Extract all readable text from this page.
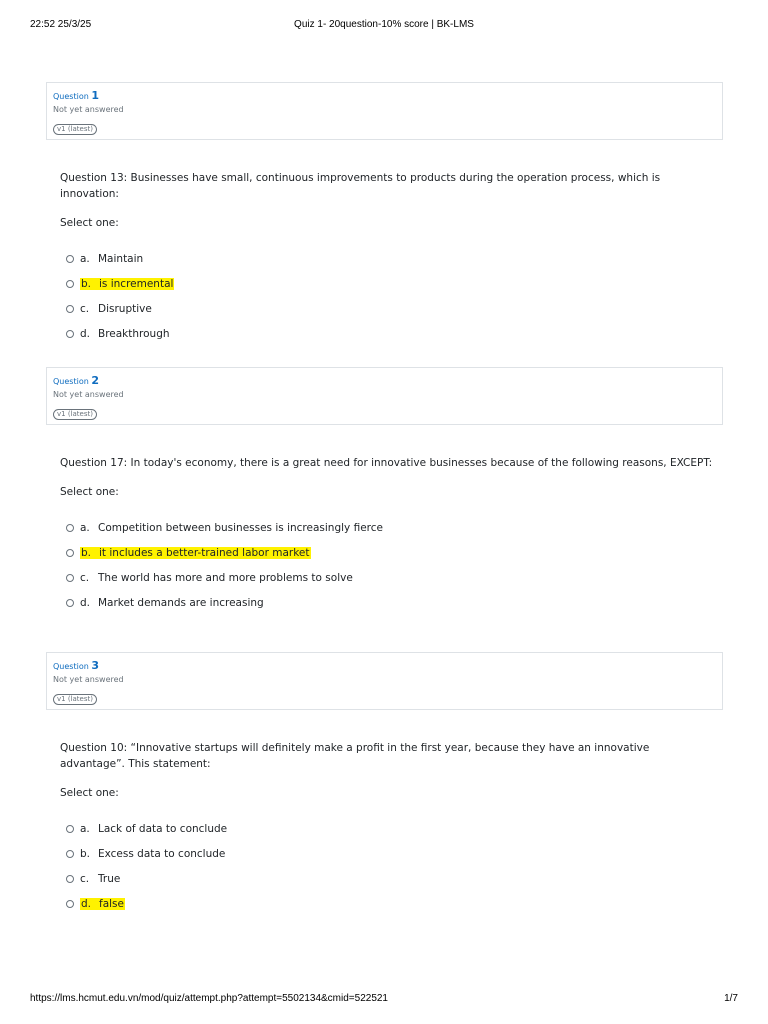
22:52 25/3/25	Quiz 1- 20question-10% score | BK-LMS
Question 1
Not yet answered
v1 (latest)

Question 13: Businesses have small, continuous improvements to products during the operation process, which is innovation:

Select one:
a. Maintain
b. is incremental
c. Disruptive
d. Breakthrough
Question 2
Not yet answered
v1 (latest)

Question 17: In today's economy, there is a great need for innovative businesses because of the following reasons, EXCEPT:

Select one:
a. Competition between businesses is increasingly fierce
b. it includes a better-trained labor market
c. The world has more and more problems to solve
d. Market demands are increasing
Question 3
Not yet answered
v1 (latest)

Question 10: “Innovative startups will definitely make a profit in the first year, because they have an innovative advantage”. This statement:

Select one:
a. Lack of data to conclude
b. Excess data to conclude
c. True
d. false
https://lms.hcmut.edu.vn/mod/quiz/attempt.php?attempt=5502134&cmid=522521	1/7
